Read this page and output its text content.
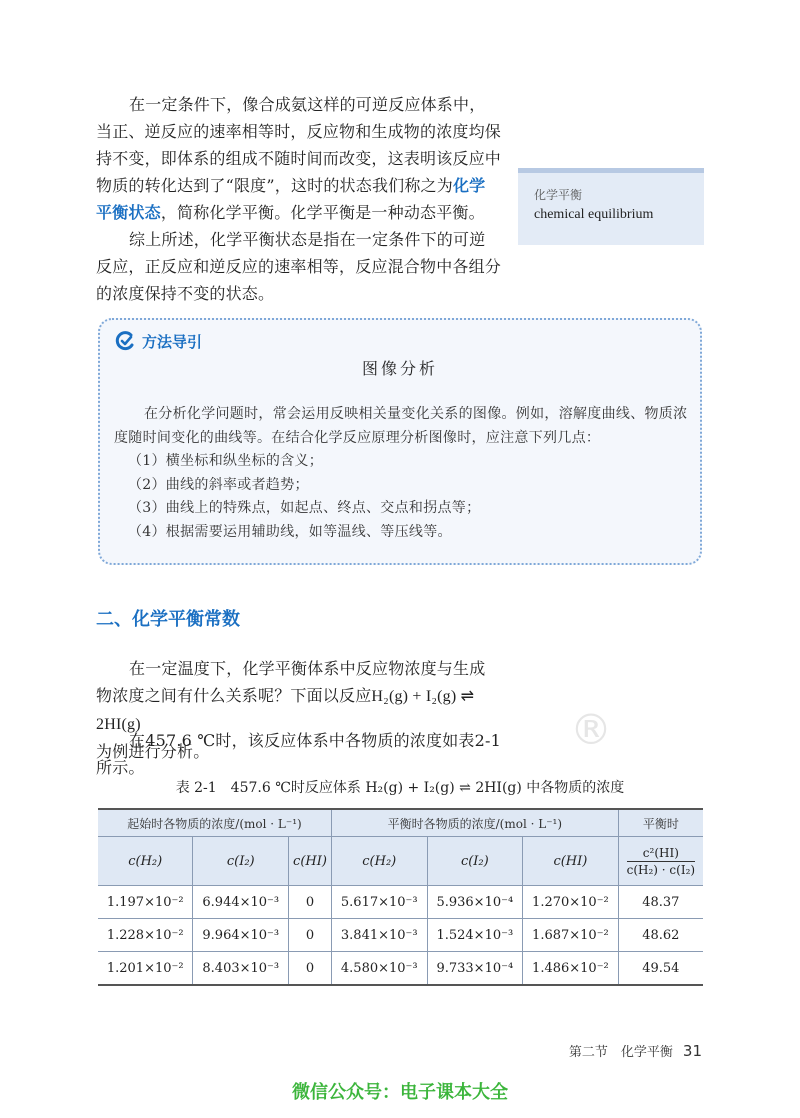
在一定条件下，像合成氨这样的可逆反应体系中，当正、逆反应的速率相等时，反应物和生成物的浓度均保持不变，即体系的组成不随时间而改变，这表明该反应中物质的转化达到了“限度”，这时的状态我们称之为化学平衡状态，简称化学平衡。化学平衡是一种动态平衡。

综上所述，化学平衡状态是指在一定条件下的可逆反应，正反应和逆反应的速率相等，反应混合物中各组分的浓度保持不变的状态。

化学平衡
chemical equilibrium
方法导引
图像分析

在分析化学问题时，常会运用反映相关量变化关系的图像。例如，溶解度曲线、物质浓度随时间变化的曲线等。在结合化学反应原理分析图像时，应注意下列几点：

（1）横坐标和纵坐标的含义；

（2）曲线的斜率或者趋势；

（3）曲线上的特殊点，如起点、终点、交点和拐点等；

（4）根据需要运用辅助线，如等温线、等压线等。

二、化学平衡常数

在一定温度下，化学平衡体系中反应物浓度与生成物浓度之间有什么关系呢？下面以反应H₂(g) + I₂(g) ⇌ 2HI(g)
为例进行分析。

在457.6 ℃时，该反应体系中各物质的浓度如表2-1所示。

®
表 2-1　457.6 ℃时反应体系 H₂(g) + I₂(g) ⇌ 2HI(g) 中各物质的浓度
起始时各物质的浓度/(mol · L⁻¹)			平衡时各物质的浓度/(mol · L⁻¹)			平衡时
c(H₂)	c(I₂)	c(HI)	c(H₂)	c(I₂)	c(HI)	$\frac{\text{c²(HI)}}{\text{c(H₂) · c(I₂)}}$

1.197×10⁻²	6.944×10⁻³	0	5.617×10⁻³	5.936×10⁻⁴	1.270×10⁻²	48.37
1.228×10⁻²	9.964×10⁻³	0	3.841×10⁻³	1.524×10⁻³	1.687×10⁻²	48.62
1.201×10⁻²	8.403×10⁻³	0	4.580×10⁻³	9.733×10⁻⁴	1.486×10⁻²	49.54
第二节　化学平衡 31
微信公众号：电子课本大全
